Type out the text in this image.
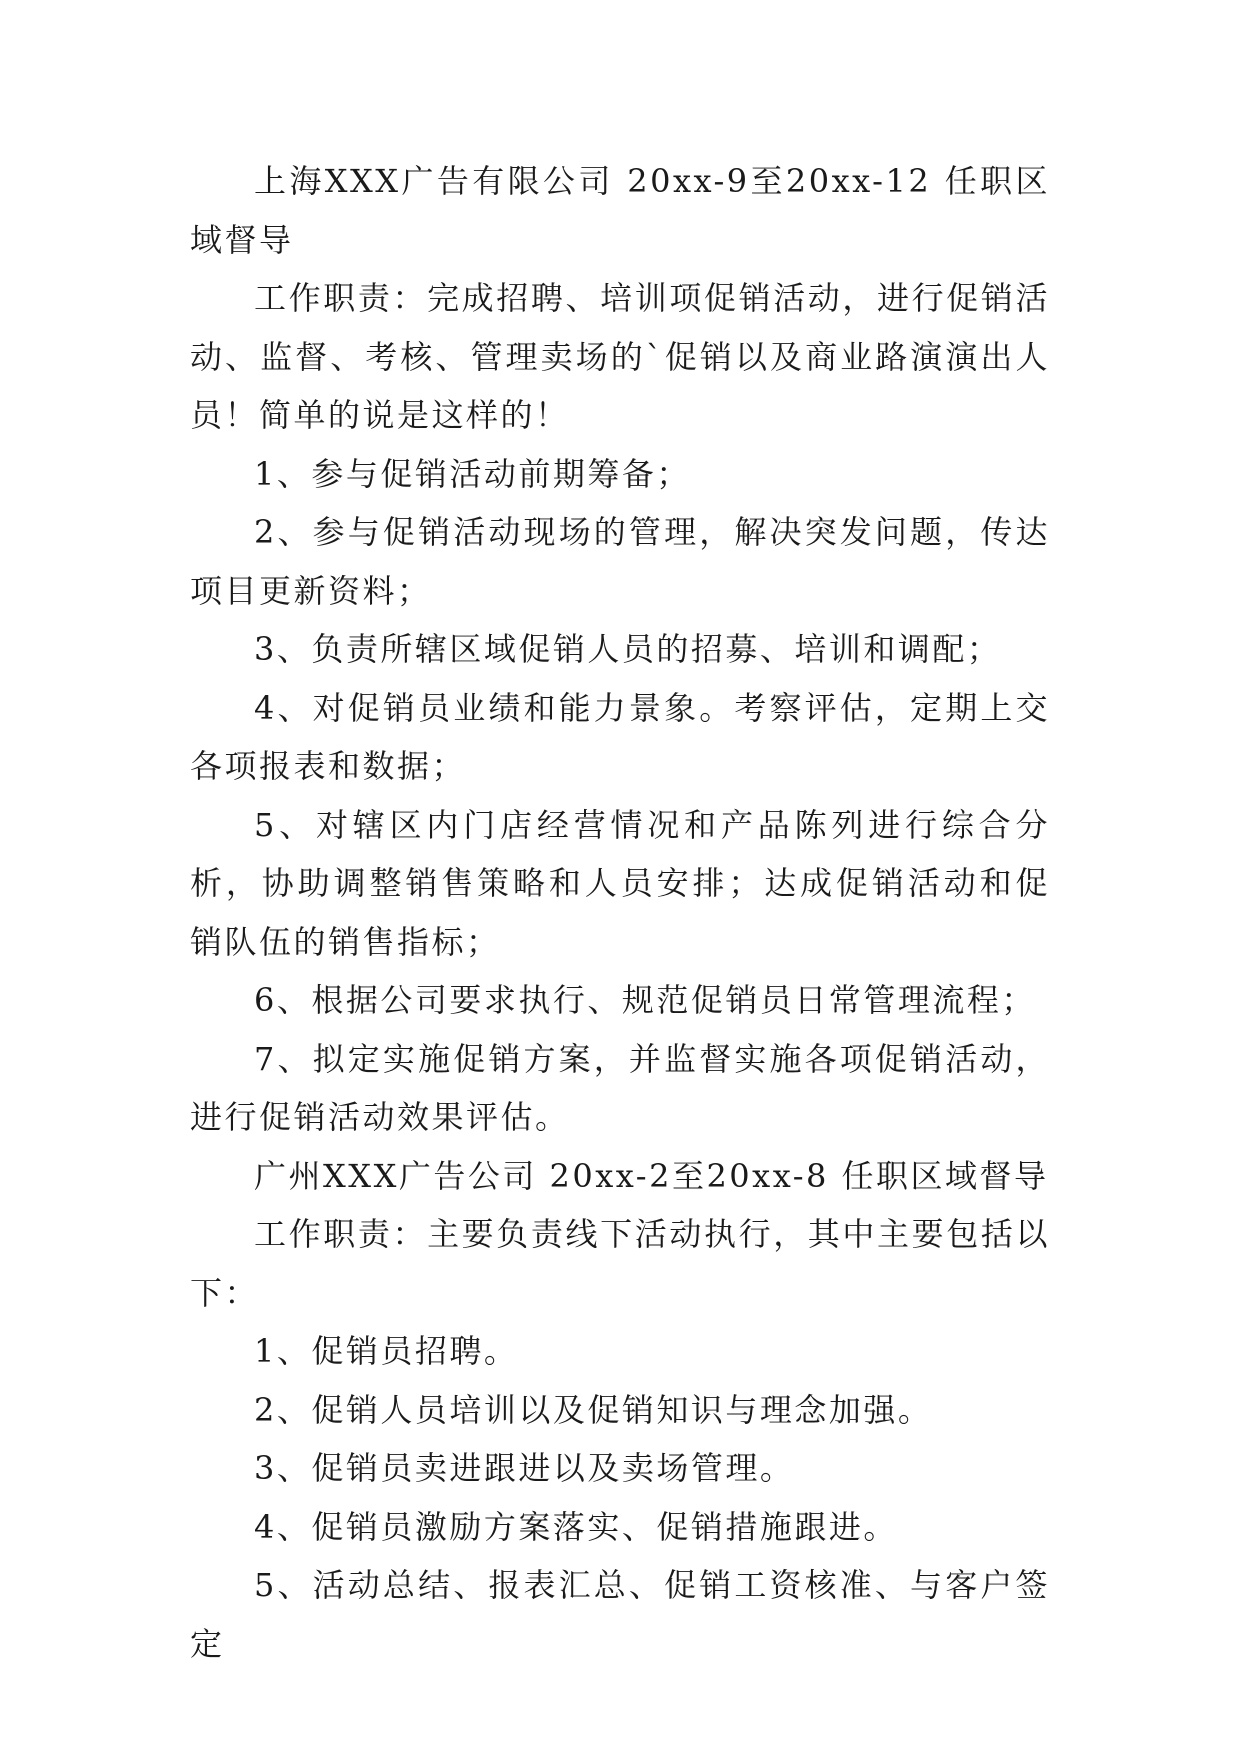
上海XXX广告有限公司 20xx-9至20xx-12 任职区域督导

工作职责：完成招聘、培训项促销活动，进行促销活动、监督、考核、管理卖场的`促销以及商业路演演出人员！简单的说是这样的！

1、参与促销活动前期筹备；

2、参与促销活动现场的管理，解决突发问题，传达项目更新资料；

3、负责所辖区域促销人员的招募、培训和调配；

4、对促销员业绩和能力景象。考察评估，定期上交各项报表和数据；

5、对辖区内门店经营情况和产品陈列进行综合分析，协助调整销售策略和人员安排；达成促销活动和促销队伍的销售指标；

6、根据公司要求执行、规范促销员日常管理流程；

7、拟定实施促销方案，并监督实施各项促销活动，进行促销活动效果评估。

广州XXX广告公司 20xx-2至20xx-8 任职区域督导

工作职责：主要负责线下活动执行，其中主要包括以下：

1、促销员招聘。

2、促销人员培训以及促销知识与理念加强。

3、促销员卖进跟进以及卖场管理。

4、促销员激励方案落实、促销措施跟进。

5、活动总结、报表汇总、促销工资核准、与客户签定
